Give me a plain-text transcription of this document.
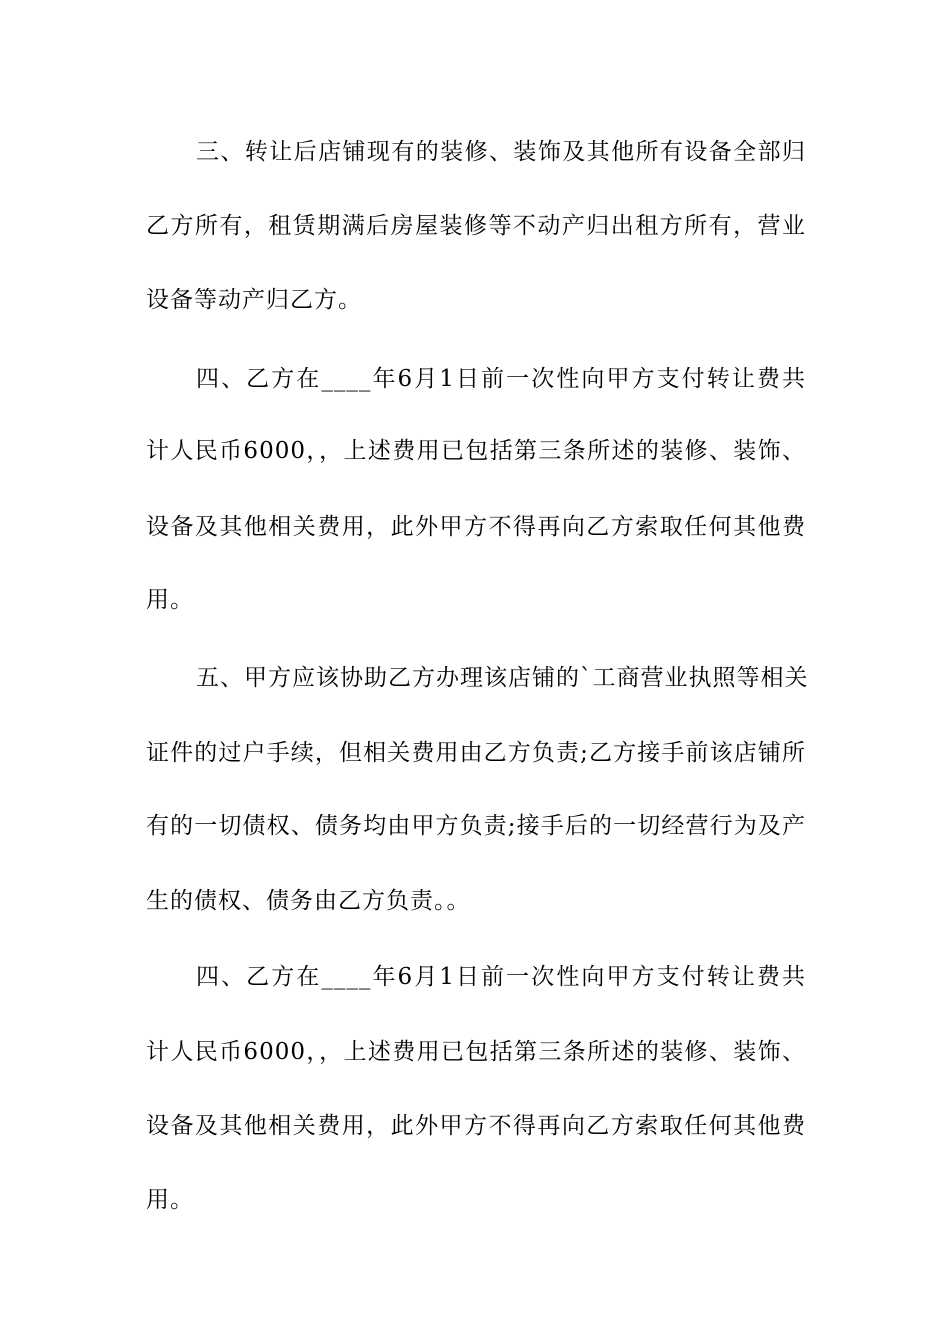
三、转让后店铺现有的装修、装饰及其他所有设备全部归
乙方所有，租赁期满后房屋装修等不动产归出租方所有，营业
设备等动产归乙方。
四、乙方在____年6月1日前一次性向甲方支付转让费共
计人民币6000，，上述费用已包括第三条所述的装修、装饰、
设备及其他相关费用，此外甲方不得再向乙方索取任何其他费
用。
五、甲方应该协助乙方办理该店铺的`工商营业执照等相关
证件的过户手续，但相关费用由乙方负责;乙方接手前该店铺所
有的一切债权、债务均由甲方负责;接手后的一切经营行为及产
生的债权、债务由乙方负责。。
四、乙方在____年6月1日前一次性向甲方支付转让费共
计人民币6000，，上述费用已包括第三条所述的装修、装饰、
设备及其他相关费用，此外甲方不得再向乙方索取任何其他费
用。
